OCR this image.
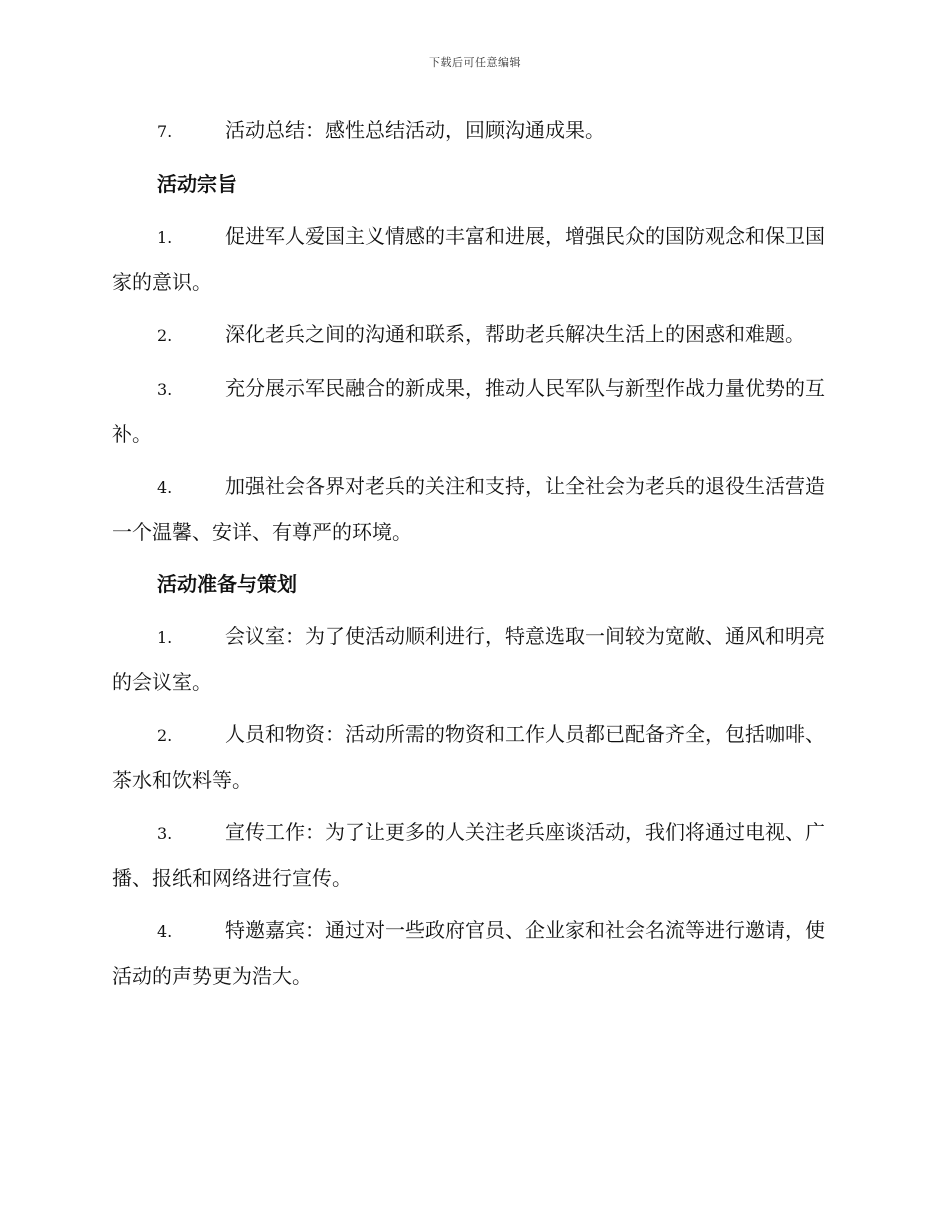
下载后可任意编辑

7.	活动总结：感性总结活动，回顾沟通成果。

活动宗旨

1.	促进军人爱国主义情感的丰富和进展，增强民众的国防观念和保卫国家的意识。

2.	深化老兵之间的沟通和联系，帮助老兵解决生活上的困惑和难题。

3.	充分展示军民融合的新成果，推动人民军队与新型作战力量优势的互补。

4.	加强社会各界对老兵的关注和支持，让全社会为老兵的退役生活营造一个温馨、安详、有尊严的环境。

活动准备与策划

1.	会议室：为了使活动顺利进行，特意选取一间较为宽敞、通风和明亮的会议室。

2.	人员和物资：活动所需的物资和工作人员都已配备齐全，包括咖啡、茶水和饮料等。

3.	宣传工作：为了让更多的人关注老兵座谈活动，我们将通过电视、广播、报纸和网络进行宣传。

4.	特邀嘉宾：通过对一些政府官员、企业家和社会名流等进行邀请，使活动的声势更为浩大。
